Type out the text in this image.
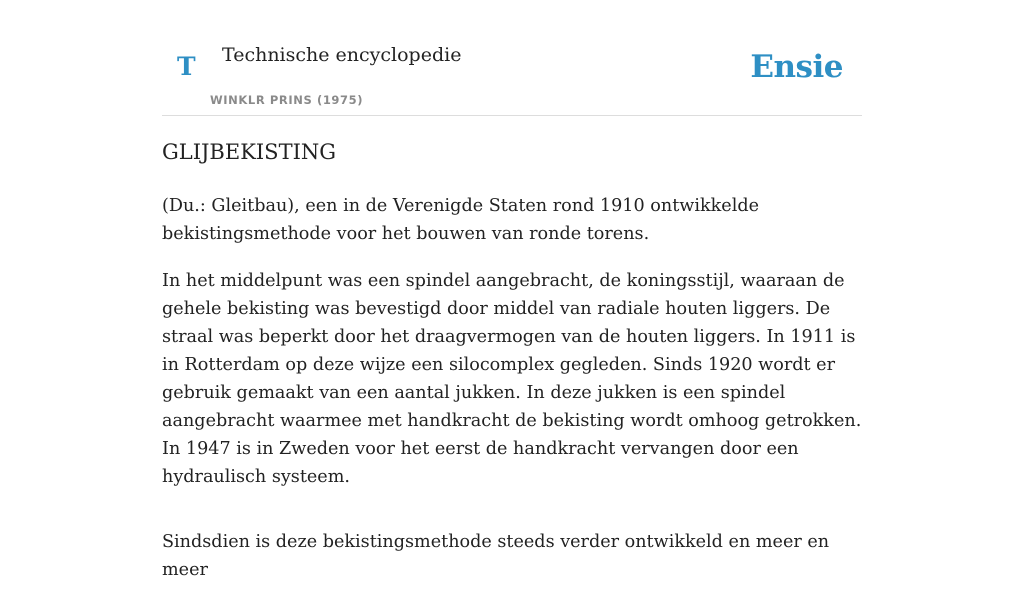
T Technische encyclopedie
WINKLR PRINS (1975)
Ensie
GLIJBEKISTING

(Du.: Gleitbau), een in de Verenigde Staten rond 1910 ontwikkelde bekistingsmethode voor het bouwen van ronde torens.

In het middelpunt was een spindel aangebracht, de koningsstijl, waaraan de gehele bekisting was bevestigd door middel van radiale houten liggers. De straal was beperkt door het draagvermogen van de houten liggers. In 1911 is in Rotterdam op deze wijze een silocomplex gegleden. Sinds 1920 wordt er gebruik gemaakt van een aantal jukken. In deze jukken is een spindel aangebracht waarmee met handkracht de bekisting wordt omhoog getrokken. In 1947 is in Zweden voor het eerst de handkracht vervangen door een hydraulisch systeem.

Sindsdien is deze bekistingsmethode steeds verder ontwikkeld en meer en meer
